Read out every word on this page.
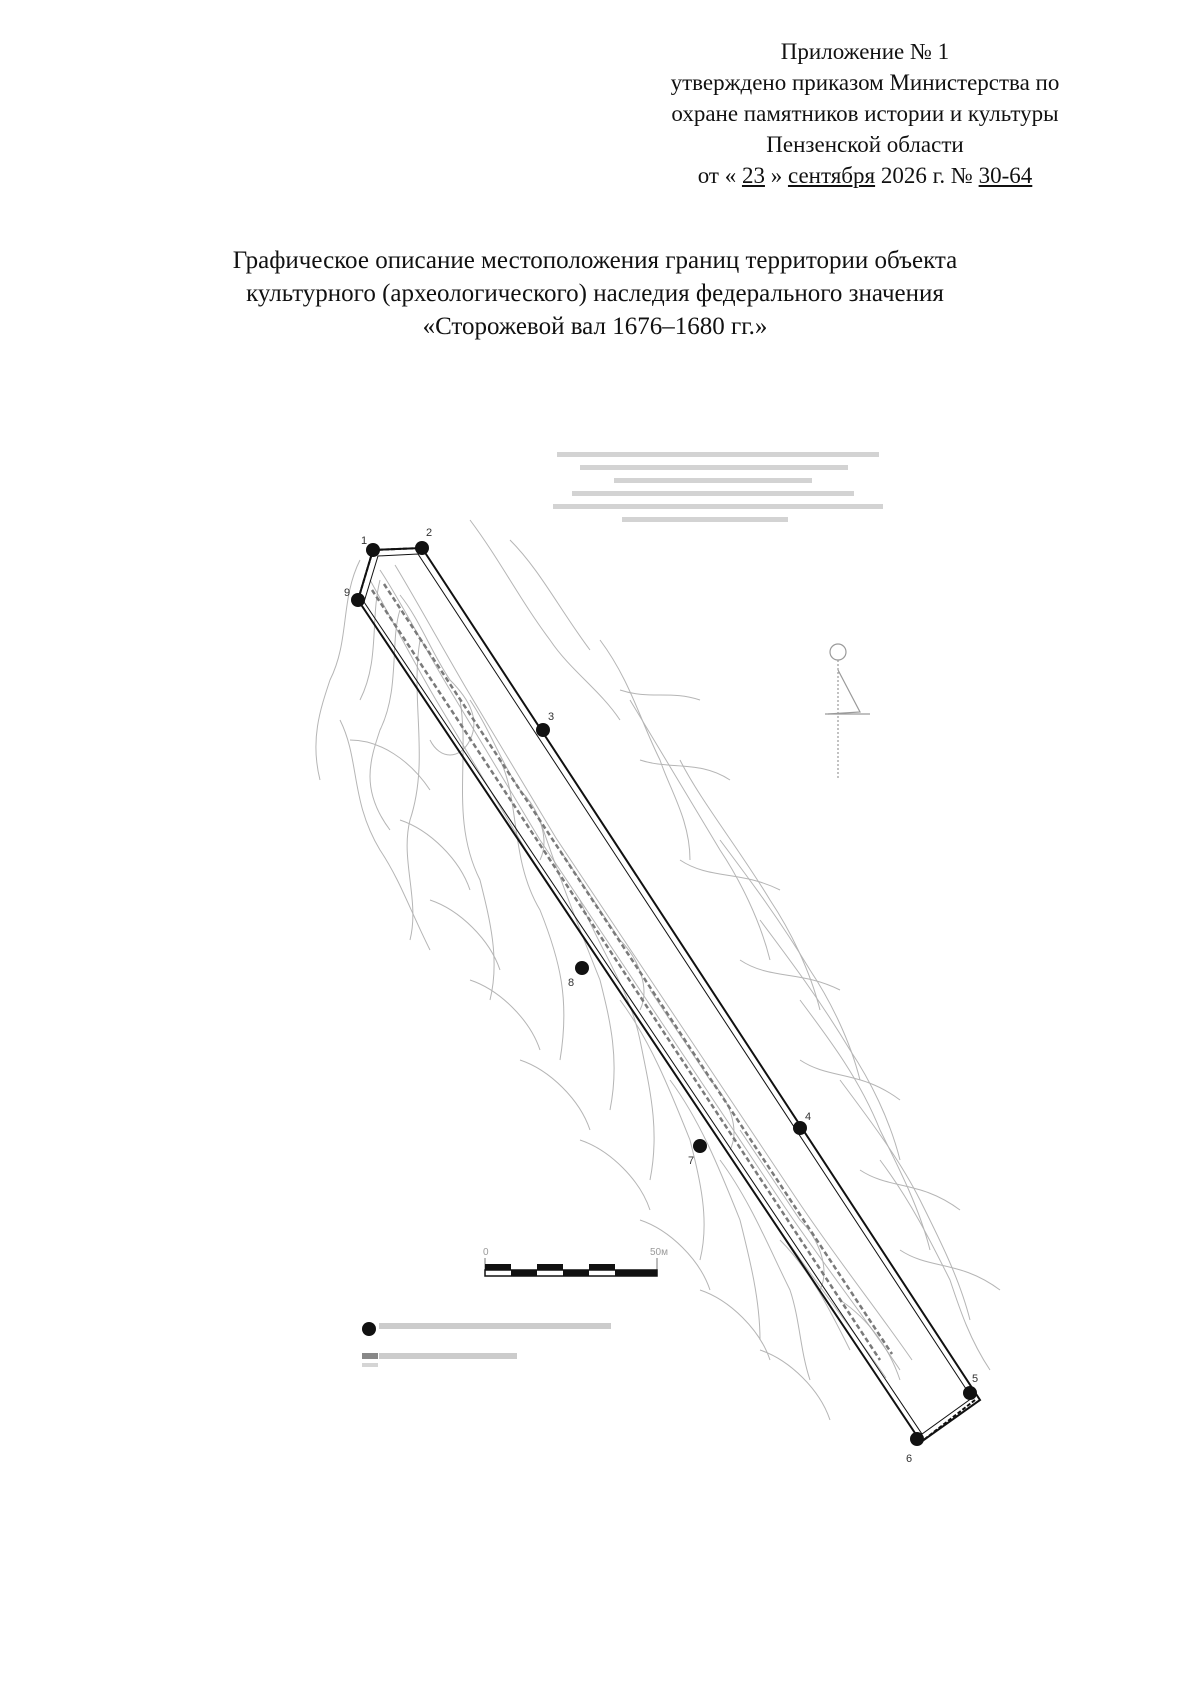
Приложение № 1
утверждено приказом Министерства по
охране памятников истории и культуры
Пензенской области
от « 23 » сентября 2026 г. № 30-64
Графическое описание местоположения границ территории объекта
культурного (археологического) наследия федерального значения
«Сторожевой вал 1676–1680 гг.»
1
2
3
4
5
6
7
8
9
0	50м
